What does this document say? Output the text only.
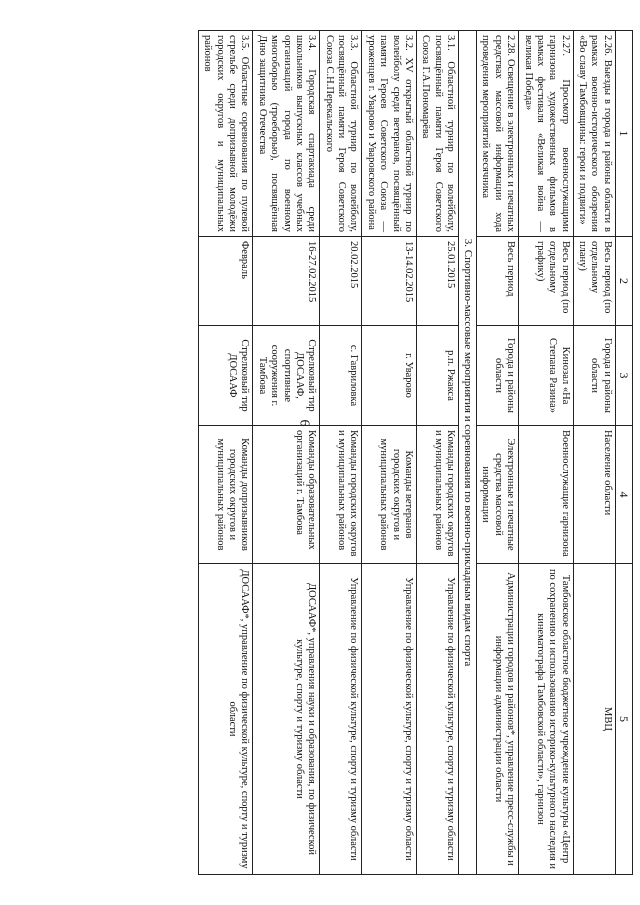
6
1	2	3	4	5
2.26. Выезды в города и районы области в рамках военно-исторического обозрения «Во славу Тамбовщины: герои и подвиги»	Весь период (по отдельному плану)	Города и районы области	Население области	МВЦ
2.27. Просмотр военнослужащими гарнизона художественных фильмов в рамках фестиваля «Великая война — великая Победа»	Весь период (по отдельному графику)	Кинозал «На Степана Разина»	Военнослужащие гарнизона	Тамбовское областное бюджетное учреждение культуры «Центр по сохранению и использованию историко-культурного наследия и кинематографа Тамбовской области», гарнизон
2.28. Освещение в электронных и печатных средствах массовой информации хода проведения мероприятий месячника	Весь период	Города и районы области	Электронные и печатные средства массовой информации	Администрации городов и районов*, управление пресс-службы и информации администрации области
3. Спортивно-массовые мероприятия и соревнования по военно-прикладным видам спорта				
3.1. Областной турнир по волейболу, посвящённый памяти Героя Советского Союза Г.А.Пономарёва	25.01.2015	р.п. Ржакса	Команды городских округов и муниципальных районов	Управление по физической культуре, спорту и туризму области
3.2. XV открытый областной турнир по волейболу среди ветеранов, посвящённый памяти Героев Советского Союза — уроженцев г. Уварово и Уваровского района	13-14.02.2015	г. Уварово	Команды ветеранов городских округов и муниципальных районов	Управление по физической культуре, спорту и туризму области
3.3. Областной турнир по волейболу, посвящённый памяти Героя Советского Союза С.Н.Перекальского	20.02.2015	с. Гавриловка	Команды городских округов и муниципальных районов	Управление по физической культуре, спорту и туризму области
3.4. Городская спартакиада среди школьников выпускных классов учебных организаций города по военному многоборью (троеборью), посвящённая Дню защитника Отечества	16-27.02.2015	Стрелковый тир ДОСААФ, спортивные сооружения г. Тамбова	Команды образовательных организаций г. Тамбова	ДОСААФ*, управления науки и образования, по физической культуре, спорту и туризму области
3.5. Областные соревнования по пулевой стрельбе среди допризывной молодёжи городских округов и муниципальных районов	Февраль	Стрелковый тир ДОСААФ	Команды допризывников городских округов и муниципальных районов	ДОСААФ*, управление по физической культуре, спорту и туризму области
